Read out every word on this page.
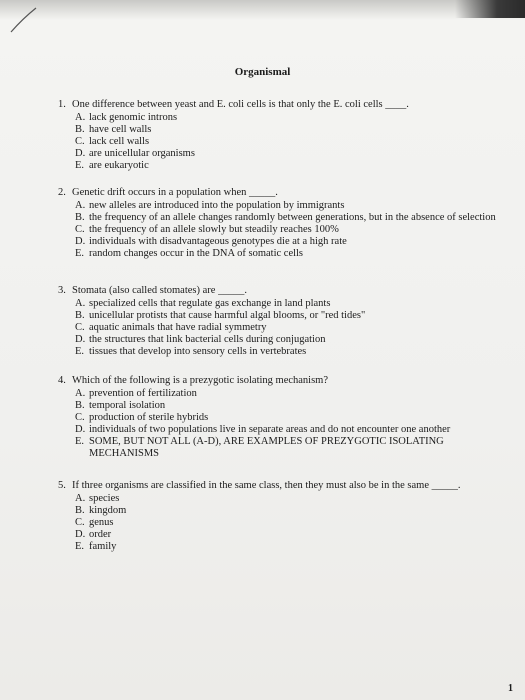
Organismal
1. One difference between yeast and E. coli cells is that only the E. coli cells ____.
A. lack genomic introns
B. have cell walls
C. lack cell walls
D. are unicellular organisms
E. are eukaryotic
2. Genetic drift occurs in a population when _____.
A. new alleles are introduced into the population by immigrants
B. the frequency of an allele changes randomly between generations, but in the absence of selection
C. the frequency of an allele slowly but steadily reaches 100%
D. individuals with disadvantageous genotypes die at a high rate
E. random changes occur in the DNA of somatic cells
3. Stomata (also called stomates) are _____.
A. specialized cells that regulate gas exchange in land plants
B. unicellular protists that cause harmful algal blooms, or "red tides"
C. aquatic animals that have radial symmetry
D. the structures that link bacterial cells during conjugation
E. tissues that develop into sensory cells in vertebrates
4. Which of the following is a prezygotic isolating mechanism?
A. prevention of fertilization
B. temporal isolation
C. production of sterile hybrids
D. individuals of two populations live in separate areas and do not encounter one another
E. SOME, BUT NOT ALL (A-D), ARE EXAMPLES OF PREZYGOTIC ISOLATING MECHANISMS
5. If three organisms are classified in the same class, then they must also be in the same _____.
A. species
B. kingdom
C. genus
D. order
E. family
1
